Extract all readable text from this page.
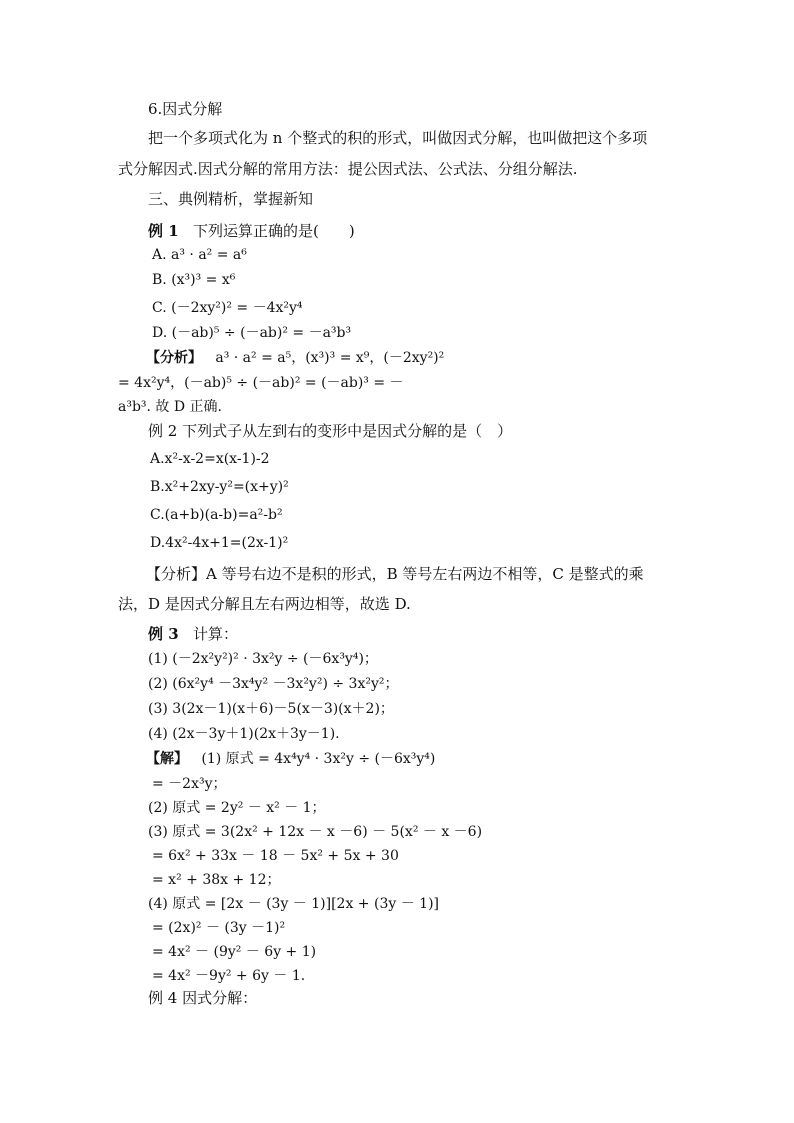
6.因式分解
把一个多项式化为 n 个整式的积的形式，叫做因式分解，也叫做把这个多项
式分解因式.因式分解的常用方法：提公因式法、公式法、分组分解法.
三、典例精析，掌握新知
例 1 下列运算正确的是(　　)
A. a³ · a² = a⁶
B. (x³)³ = x⁶
C. (－2xy²)² = －4x²y⁴
D. (－ab)⁵ ÷ (－ab)² = －a³b³
【分析】 a³ · a² = a⁵，(x³)³ = x⁹，(－2xy²)²
= 4x²y⁴，(－ab)⁵ ÷ (－ab)² = (－ab)³ = －
a³b³. 故 D 正确.
例 2 下列式子从左到右的变形中是因式分解的是（　）
A.x²-x-2=x(x-1)-2
B.x²+2xy-y²=(x+y)²
C.(a+b)(a-b)=a²-b²
D.4x²-4x+1=(2x-1)²
【分析】A 等号右边不是积的形式，B 等号左右两边不相等，C 是整式的乘
法，D 是因式分解且左右两边相等，故选 D.
例 3 计算：
(1) (－2x²y²)² · 3x²y ÷ (－6x³y⁴)；
(2) (6x²y⁴ －3x⁴y² －3x²y²) ÷ 3x²y²；
(3) 3(2x－1)(x＋6)－5(x－3)(x＋2)；
(4) (2x－3y＋1)(2x＋3y－1).
【解】 (1) 原式 = 4x⁴y⁴ · 3x²y ÷ (－6x³y⁴)
= －2x³y；
(2) 原式 = 2y² － x² － 1；
(3) 原式 = 3(2x² + 12x － x －6) － 5(x² － x －6)
= 6x² + 33x － 18 － 5x² + 5x + 30
= x² + 38x + 12；
(4) 原式 = [2x － (3y － 1)][2x + (3y － 1)]
= (2x)² － (3y －1)²
= 4x² － (9y² － 6y + 1)
= 4x² －9y² + 6y － 1.
例 4 因式分解：
